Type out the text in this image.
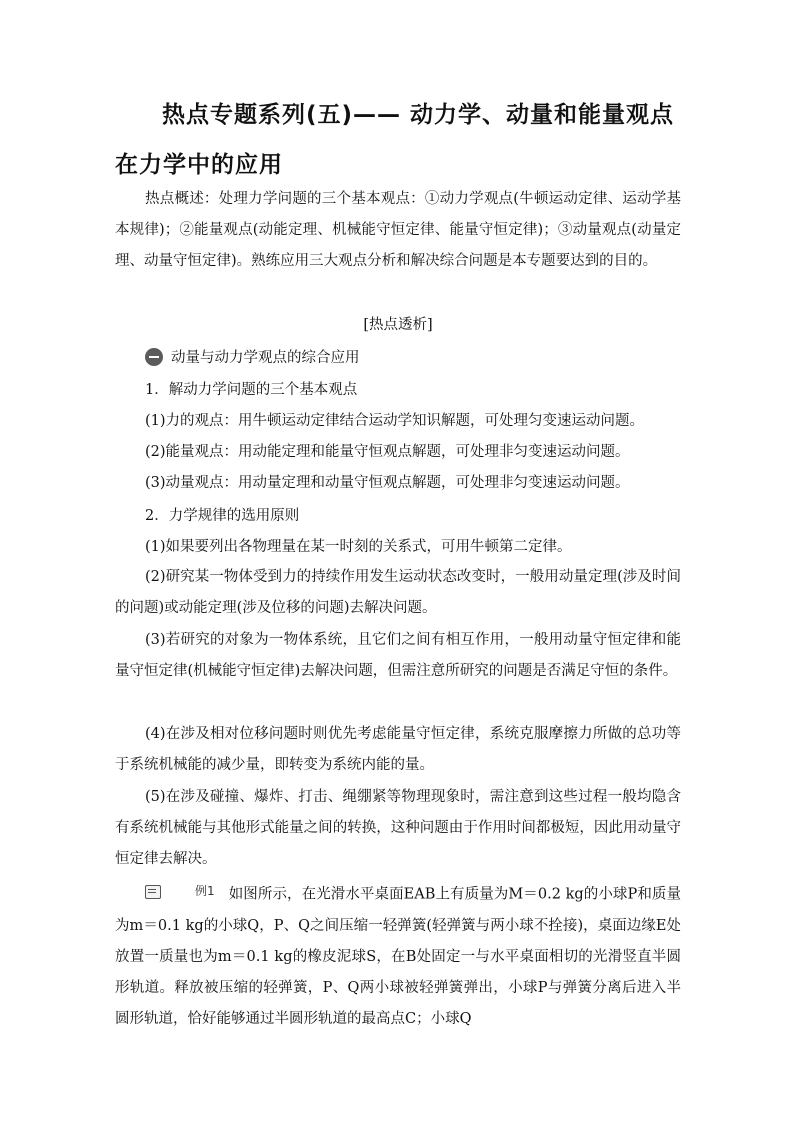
热点专题系列(五)—— 动力学、动量和能量观点
在力学中的应用

热点概述：处理力学问题的三个基本观点：①动力学观点(牛顿运动定律、运动学基本规律)；②能量观点(动能定理、机械能守恒定律、能量守恒定律)；③动量观点(动量定理、动量守恒定律)。熟练应用三大观点分析和解决综合问题是本专题要达到的目的。

[热点透析]
动量与动力学观点的综合应用
1．解动力学问题的三个基本观点
(1)力的观点：用牛顿运动定律结合运动学知识解题，可处理匀变速运动问题。
(2)能量观点：用动能定理和能量守恒观点解题，可处理非匀变速运动问题。
(3)动量观点：用动量定理和动量守恒观点解题，可处理非匀变速运动问题。
2．力学规律的选用原则
(1)如果要列出各物理量在某一时刻的关系式，可用牛顿第二定律。

(2)研究某一物体受到力的持续作用发生运动状态改变时，一般用动量定理(涉及时间的问题)或动能定理(涉及位移的问题)去解决问题。

(3)若研究的对象为一物体系统，且它们之间有相互作用，一般用动量守恒定律和能量守恒定律(机械能守恒定律)去解决问题，但需注意所研究的问题是否满足守恒的条件。

(4)在涉及相对位移问题时则优先考虑能量守恒定律，系统克服摩擦力所做的总功等于系统机械能的减少量，即转变为系统内能的量。

(5)在涉及碰撞、爆炸、打击、绳绷紧等物理现象时，需注意到这些过程一般均隐含有系统机械能与其他形式能量之间的转换，这种问题由于作用时间都极短，因此用动量守恒定律去解决。

例1 如图所示，在光滑水平桌面EAB上有质量为M＝0.2 kg的小球P和质量为m＝0.1 kg的小球Q，P、Q之间压缩一轻弹簧(轻弹簧与两小球不拴接)，桌面边缘E处放置一质量也为m＝0.1 kg的橡皮泥球S，在B处固定一与水平桌面相切的光滑竖直半圆形轨道。释放被压缩的轻弹簧，P、Q两小球被轻弹簧弹出，小球P与弹簧分离后进入半圆形轨道，恰好能够通过半圆形轨道的最高点C；小球Q
